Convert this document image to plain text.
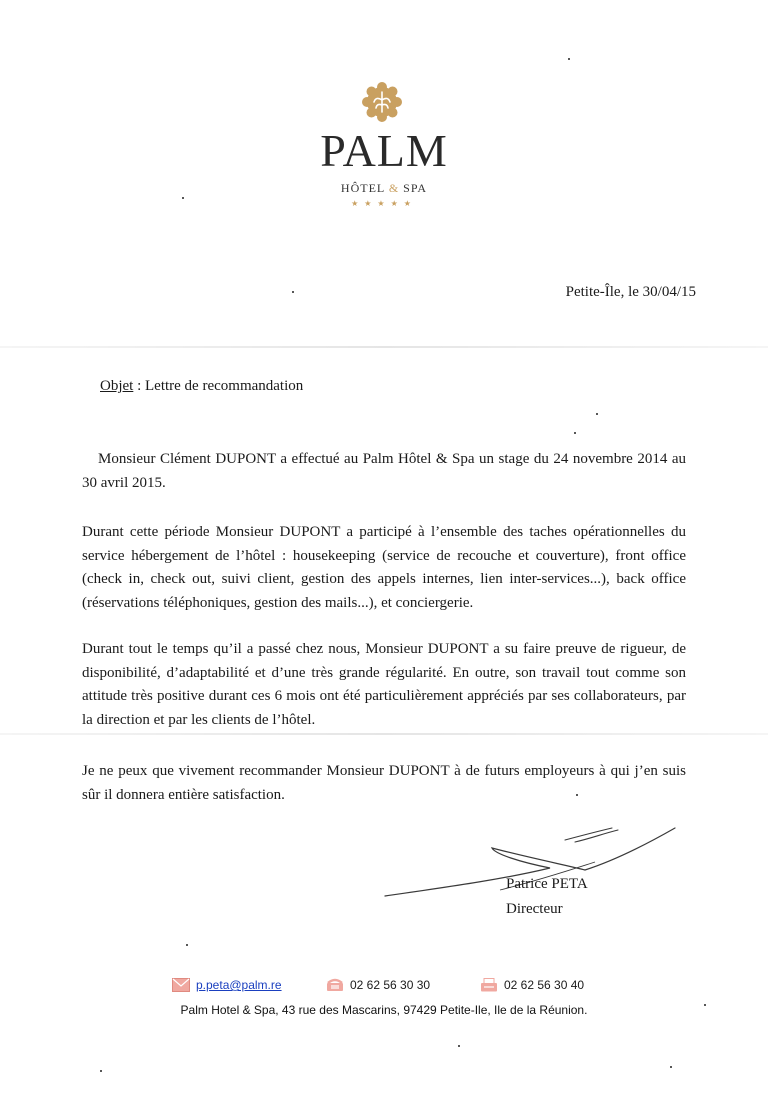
PALM
HÔTEL & SPA
★★★★★
Petite-Île, le 30/04/15
Objet : Lettre de recommandation
Monsieur Clément DUPONT a effectué au Palm Hôtel & Spa un stage du 24 novembre 2014 au 30 avril 2015.
Durant cette période Monsieur DUPONT a participé à l’ensemble des taches opérationnelles du service hébergement de l’hôtel : housekeeping (service de recouche et couverture), front office (check in, check out, suivi client, gestion des appels internes, lien inter-services...), back office (réservations téléphoniques, gestion des mails...), et conciergerie.
Durant tout le temps qu’il a passé chez nous, Monsieur DUPONT a su faire preuve de rigueur, de disponibilité, d’adaptabilité et d’une très grande régularité. En outre, son travail tout comme son attitude très positive durant ces 6 mois ont été particulièrement appréciés par ses collaborateurs, par la direction et par les clients de l’hôtel.
Je ne peux que vivement recommander Monsieur DUPONT à de futurs employeurs à qui j’en suis sûr il donnera entière satisfaction.
Patrice PETA
Directeur
p.peta@palm.re	02 62 56 30 30	02 62 56 30 40
Palm Hotel & Spa, 43 rue des Mascarins, 97429 Petite-Ile, Ile de la Réunion.
